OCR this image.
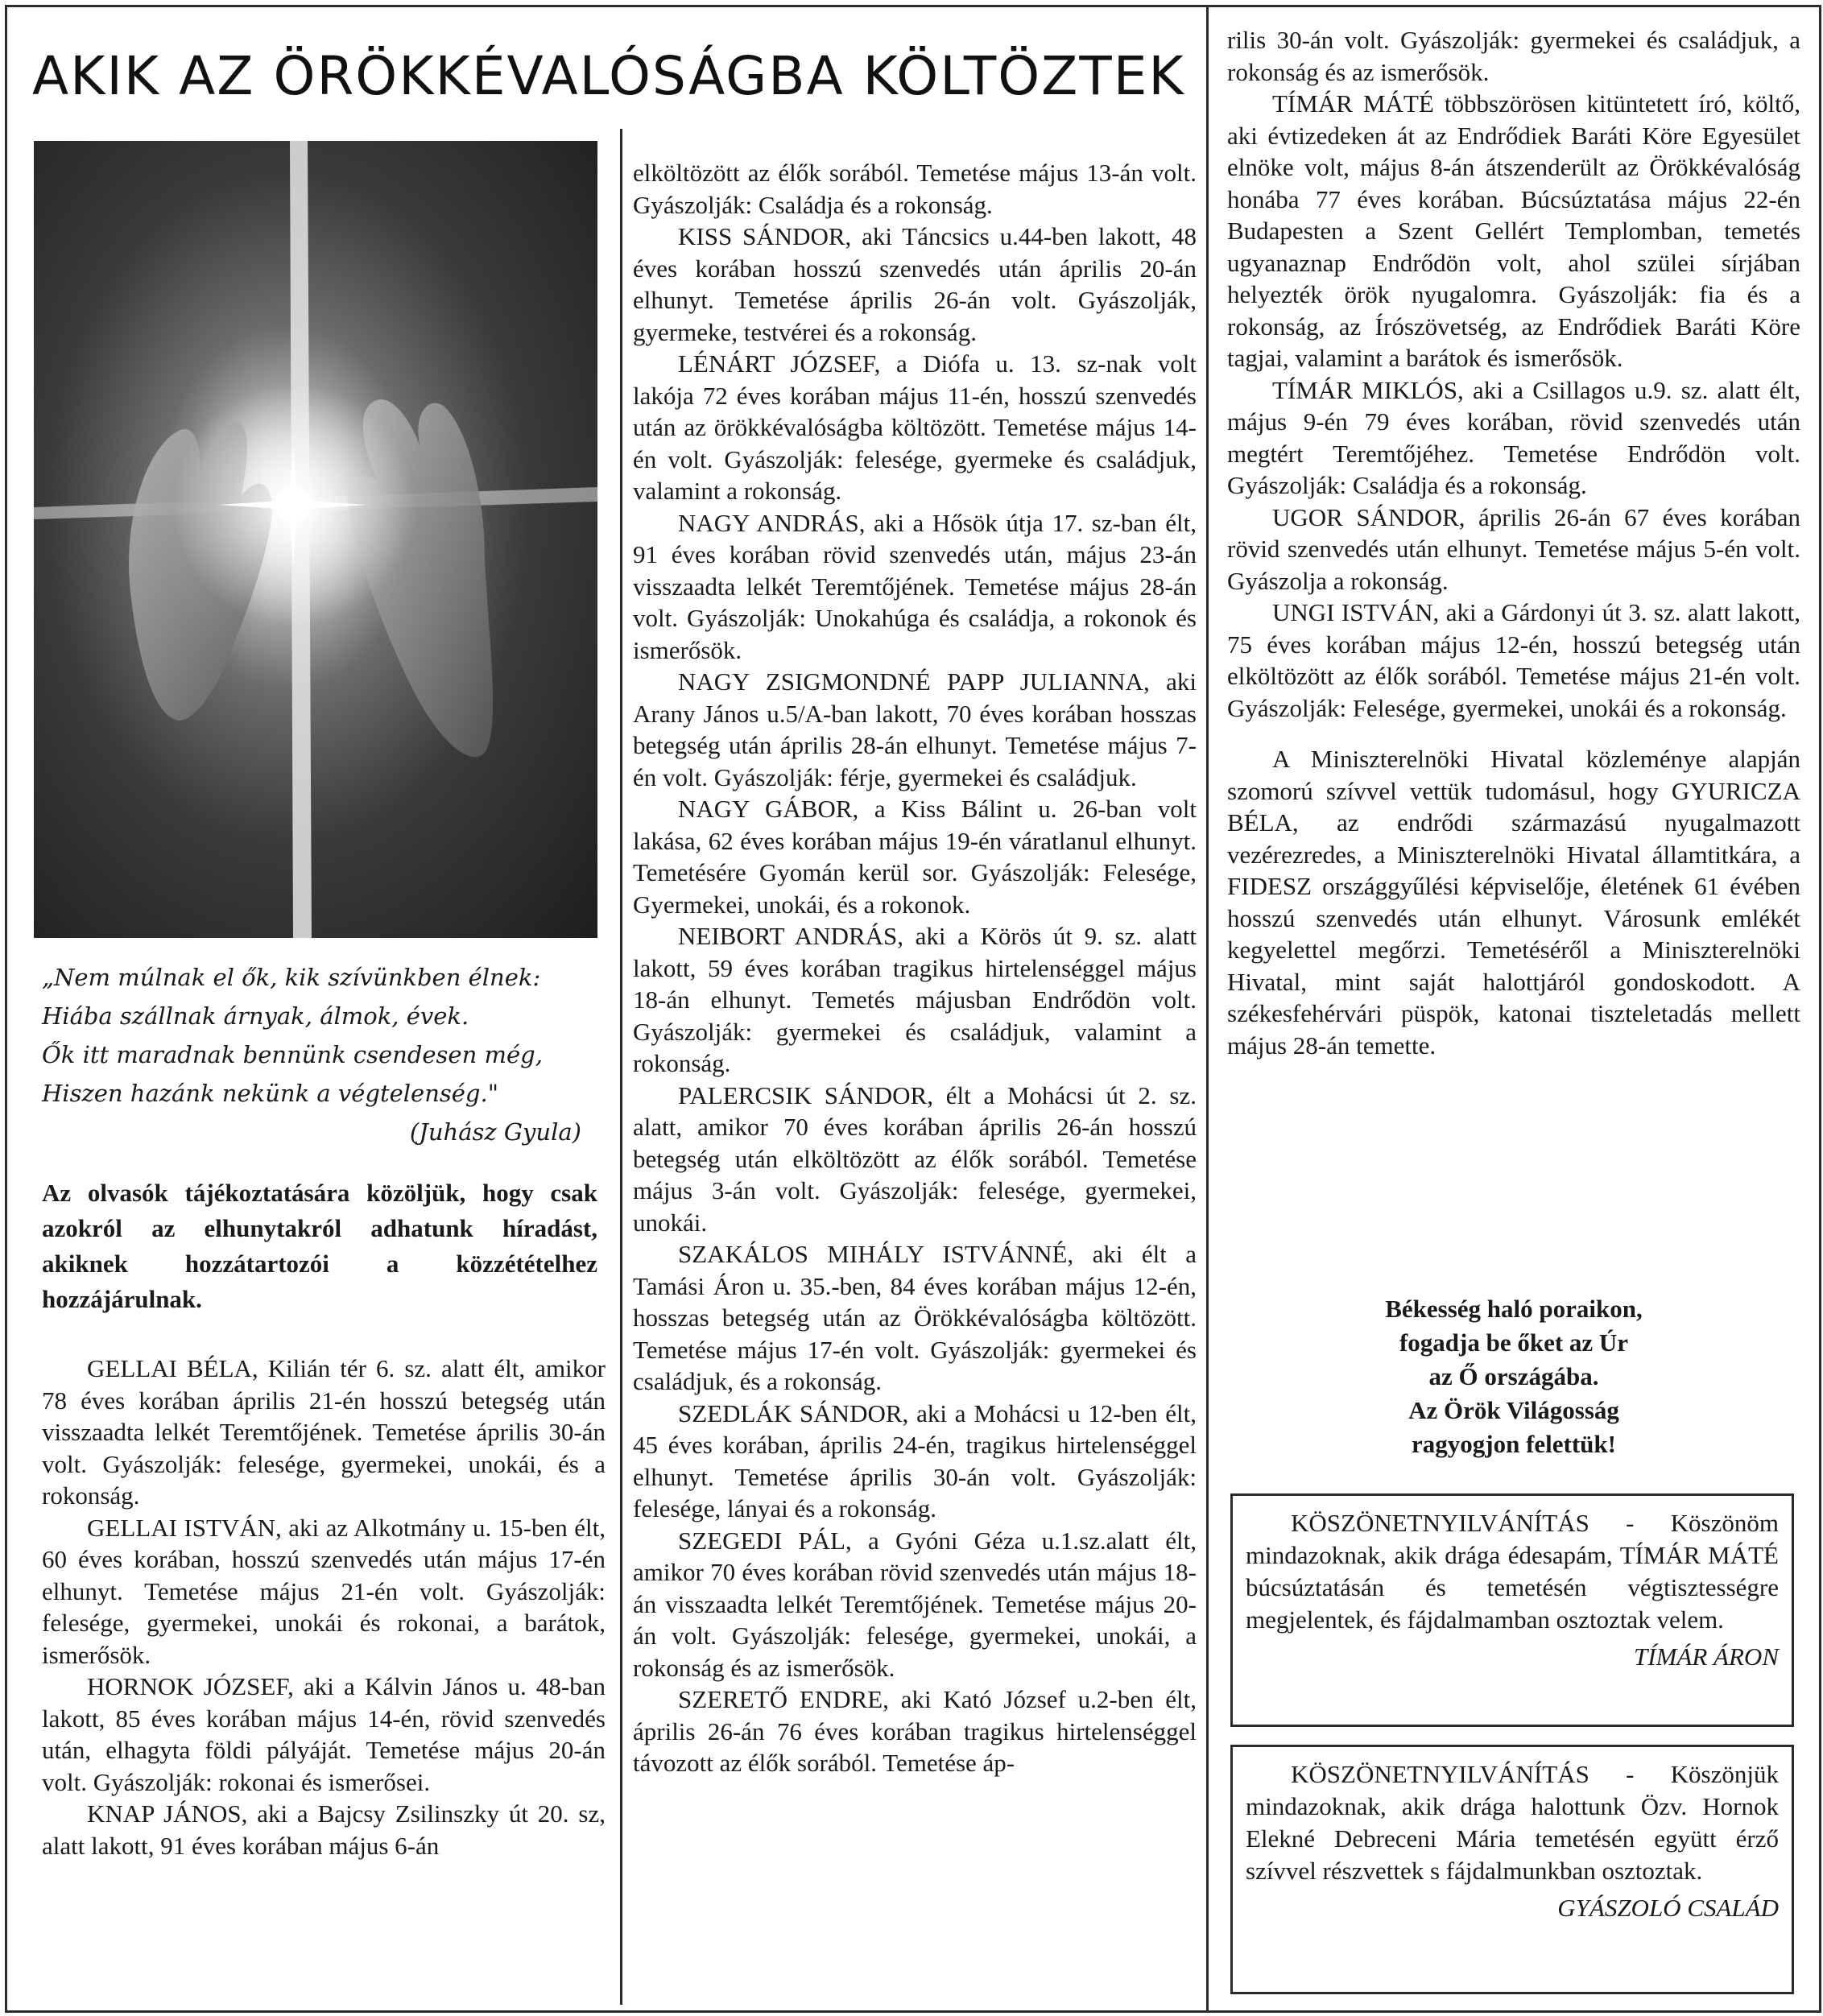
AKIK AZ ÖRÖKKÉVALÓSÁGBA KÖLTÖZTEK
„Nem múlnak el ők, kik szívünkben élnek:
Hiába szállnak árnyak, álmok, évek.
Ők itt maradnak bennünk csendesen még,
Hiszen hazánk nekünk a végtelenség."
(Juhász Gyula)
Az olvasók tájékoztatására közöljük, hogy csak azokról az elhunytakról adhatunk híradást, akiknek hozzátartozói a közzétételhez hozzájárulnak.

GELLAI BÉLA, Kilián tér 6. sz. alatt élt, amikor 78 éves korában április 21-én hosszú betegség után visszaadta lelkét Teremtőjének. Temetése április 30-án volt. Gyászolják: felesége, gyermekei, unokái, és a rokonság.

GELLAI ISTVÁN, aki az Alkotmány u. 15-ben élt, 60 éves korában, hosszú szenvedés után május 17-én elhunyt. Temetése május 21-én volt. Gyászolják: felesége, gyermekei, unokái és rokonai, a barátok, ismerősök.

HORNOK JÓZSEF, aki a Kálvin János u. 48-ban lakott, 85 éves korában május 14-én, rövid szenvedés után, elhagyta földi pályáját. Temetése május 20-án volt. Gyászolják: rokonai és ismerősei.

KNAP JÁNOS, aki a Bajcsy Zsilinszky út 20. sz, alatt lakott, 91 éves korában május 6-án

elköltözött az élők sorából. Temetése május 13-án volt. Gyászolják: Családja és a rokonság.

KISS SÁNDOR, aki Táncsics u.44-ben lakott, 48 éves korában hosszú szenvedés után április 20-án elhunyt. Temetése április 26-án volt. Gyászolják, gyermeke, testvérei és a rokonság.

LÉNÁRT JÓZSEF, a Diófa u. 13. sz-nak volt lakója 72 éves korában május 11-én, hosszú szenvedés után az örökkévalóságba költözött. Temetése május 14-én volt. Gyászolják: felesége, gyermeke és családjuk, valamint a rokonság.

NAGY ANDRÁS, aki a Hősök útja 17. sz-ban élt, 91 éves korában rövid szenvedés után, május 23-án visszaadta lelkét Teremtőjének. Temetése május 28-án volt. Gyászolják: Unokahúga és családja, a rokonok és ismerősök.

NAGY ZSIGMONDNÉ PAPP JULIANNA, aki Arany János u.5/A-ban lakott, 70 éves korában hosszas betegség után április 28-án elhunyt. Temetése május 7-én volt. Gyászolják: férje, gyermekei és családjuk.

NAGY GÁBOR, a Kiss Bálint u. 26-ban volt lakása, 62 éves korában május 19-én váratlanul elhunyt. Temetésére Gyomán kerül sor. Gyászolják: Felesége, Gyermekei, unokái, és a rokonok.

NEIBORT ANDRÁS, aki a Körös út 9. sz. alatt lakott, 59 éves korában tragikus hirtelenséggel május 18-án elhunyt. Temetés májusban Endrődön volt. Gyászolják: gyermekei és családjuk, valamint a rokonság.

PALERCSIK SÁNDOR, élt a Mohácsi út 2. sz. alatt, amikor 70 éves korában április 26-án hosszú betegség után elköltözött az élők sorából. Temetése május 3-án volt. Gyászolják: felesége, gyermekei, unokái.

SZAKÁLOS MIHÁLY ISTVÁNNÉ, aki élt a Tamási Áron u. 35.-ben, 84 éves korában május 12-én, hosszas betegség után az Örökkévalóságba költözött. Temetése május 17-én volt. Gyászolják: gyermekei és családjuk, és a rokonság.

SZEDLÁK SÁNDOR, aki a Mohácsi u 12-ben élt, 45 éves korában, április 24-én, tragikus hirtelenséggel elhunyt. Temetése április 30-án volt. Gyászolják: felesége, lányai és a rokonság.

SZEGEDI PÁL, a Gyóni Géza u.1.sz.alatt élt, amikor 70 éves korában rövid szenvedés után május 18-án visszaadta lelkét Teremtőjének. Temetése május 20-án volt. Gyászolják: felesége, gyermekei, unokái, a rokonság és az ismerősök.

SZERETŐ ENDRE, aki Kató József u.2-ben élt, április 26-án 76 éves korában tragikus hirtelenséggel távozott az élők sorából. Temetése áp-

rilis 30-án volt. Gyászolják: gyermekei és családjuk, a rokonság és az ismerősök.

TÍMÁR MÁTÉ többszörösen kitüntetett író, költő, aki évtizedeken át az Endrődiek Baráti Köre Egyesület elnöke volt, május 8-án átszenderült az Örökkévalóság honába 77 éves korában. Búcsúztatása május 22-én Budapesten a Szent Gellért Templomban, temetés ugyanaznap Endrődön volt, ahol szülei sírjában helyezték örök nyugalomra. Gyászolják: fia és a rokonság, az Írószövetség, az Endrődiek Baráti Köre tagjai, valamint a barátok és ismerősök.

TÍMÁR MIKLÓS, aki a Csillagos u.9. sz. alatt élt, május 9-én 79 éves korában, rövid szenvedés után megtért Teremtőjéhez. Temetése Endrődön volt. Gyászolják: Családja és a rokonság.

UGOR SÁNDOR, április 26-án 67 éves korában rövid szenvedés után elhunyt. Temetése május 5-én volt. Gyászolja a rokonság.

UNGI ISTVÁN, aki a Gárdonyi út 3. sz. alatt lakott, 75 éves korában május 12-én, hosszú betegség után elköltözött az élők sorából. Temetése május 21-én volt. Gyászolják: Felesége, gyermekei, unokái és a rokonság.

A Miniszterelnöki Hivatal közleménye alapján szomorú szívvel vettük tudomásul, hogy GYURICZA BÉLA, az endrődi származású nyugalmazott vezérezredes, a Miniszterelnöki Hivatal államtitkára, a FIDESZ országgyűlési képviselője, életének 61 évében hosszú szenvedés után elhunyt. Városunk emlékét kegyelettel megőrzi. Temetéséről a Miniszterelnöki Hivatal, mint saját halottjáról gondoskodott. A székesfehérvári püspök, katonai tiszteletadás mellett május 28-án temette.

Békesség haló poraikon,
fogadja be őket az Úr
az Ő országába.
Az Örök Világosság
ragyogjon felettük!

KÖSZÖNETNYILVÁNÍTÁS - Köszönöm mindazoknak, akik drága édesapám, TÍMÁR MÁTÉ búcsúztatásán és temetésén végtisztességre megjelentek, és fájdalmamban osztoztak velem.

TÍMÁR ÁRON

KÖSZÖNETNYILVÁNÍTÁS - Köszönjük mindazoknak, akik drága halottunk Özv. Hornok Elekné Debreceni Mária temetésén együtt érző szívvel részvettek s fájdalmunkban osztoztak.

GYÁSZOLÓ CSALÁD
